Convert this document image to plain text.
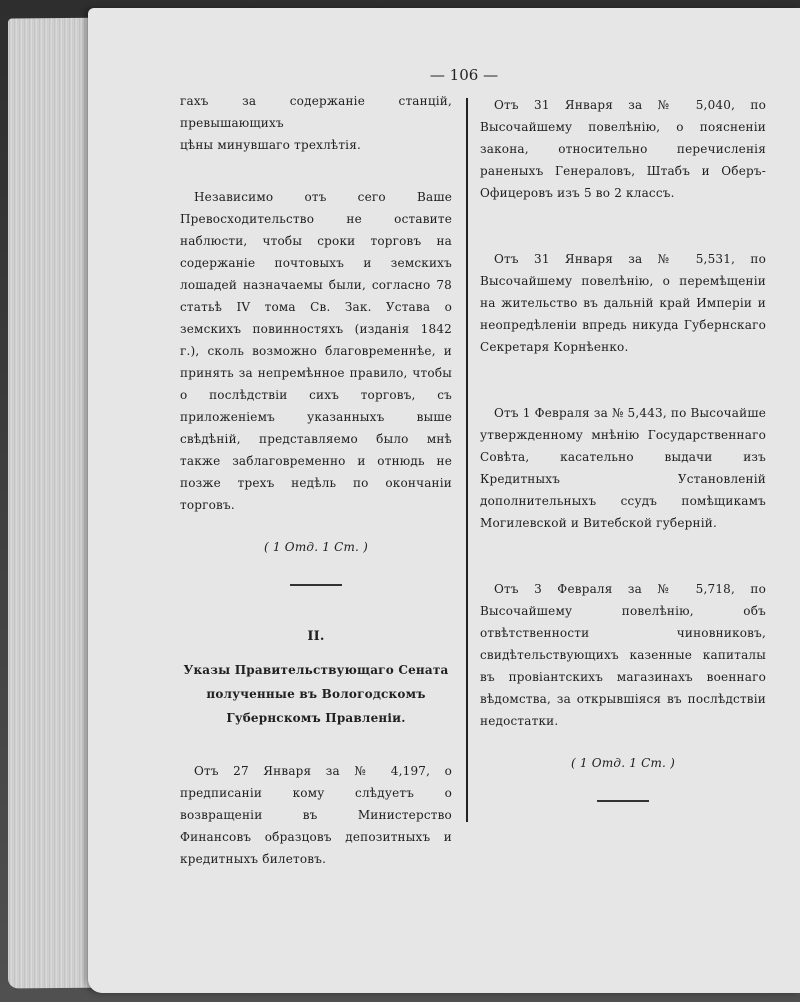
— 106 —

гахъ за содержаніе станцій, превышающихъ
цѣны минувшаго трехлѣтія.

Независимо отъ сего Ваше Превосходительство не оставите наблюсти, чтобы сроки торговъ на содержаніе почтовыхъ и земскихъ лошадей назначаемы были, согласно 78 статьѣ IV тома Св. Зак. Устава о земскихъ повинностяхъ (изданія 1842 г.), сколь возможно благовременнѣе, и принять за непремѣнное правило, чтобы о послѣдствіи сихъ торговъ, съ приложеніемъ указанныхъ выше свѣдѣній, представляемо было мнѣ также заблаговременно и отнюдь не позже трехъ недѣль по окончаніи торговъ.

( 1 Отд. 1 Ст. )

II.

Указы Правительствующаго Сената
полученные въ Вологодскомъ Губернскомъ Правленіи.

Отъ 27 Января за № 4,197, о предписаніи кому слѣдуетъ о возвращеніи въ Министерство Финансовъ образцовъ депозитныхъ и кредитныхъ билетовъ.

Отъ 31 Января за № 5,040, по Высочайшему повелѣнію, о поясненіи закона, относительно перечисленія раненыхъ Генераловъ, Штабъ и Оберъ-Офицеровъ изъ 5 во 2 классъ.

Отъ 31 Января за № 5,531, по Высочайшему повелѣнію, о перемѣщеніи на жительство въ дальній край Имперіи и неопредѣленіи впредь никуда Губернскаго Секретаря Корнѣенко.

Отъ 1 Февраля за № 5,443, по Высочайше утвержденному мнѣнію Государственнаго Совѣта, касательно выдачи изъ Кредитныхъ Установленій дополнительныхъ ссудъ помѣщикамъ Могилевской и Витебской губерній.

Отъ 3 Февраля за № 5,718, по Высочайшему повелѣнію, объ отвѣтственности чиновниковъ, свидѣтельствующихъ казенные капиталы въ провіантскихъ магазинахъ военнаго вѣдомства, за открывшіяся въ послѣдствіи недостатки.

( 1 Отд. 1 Ст. )
